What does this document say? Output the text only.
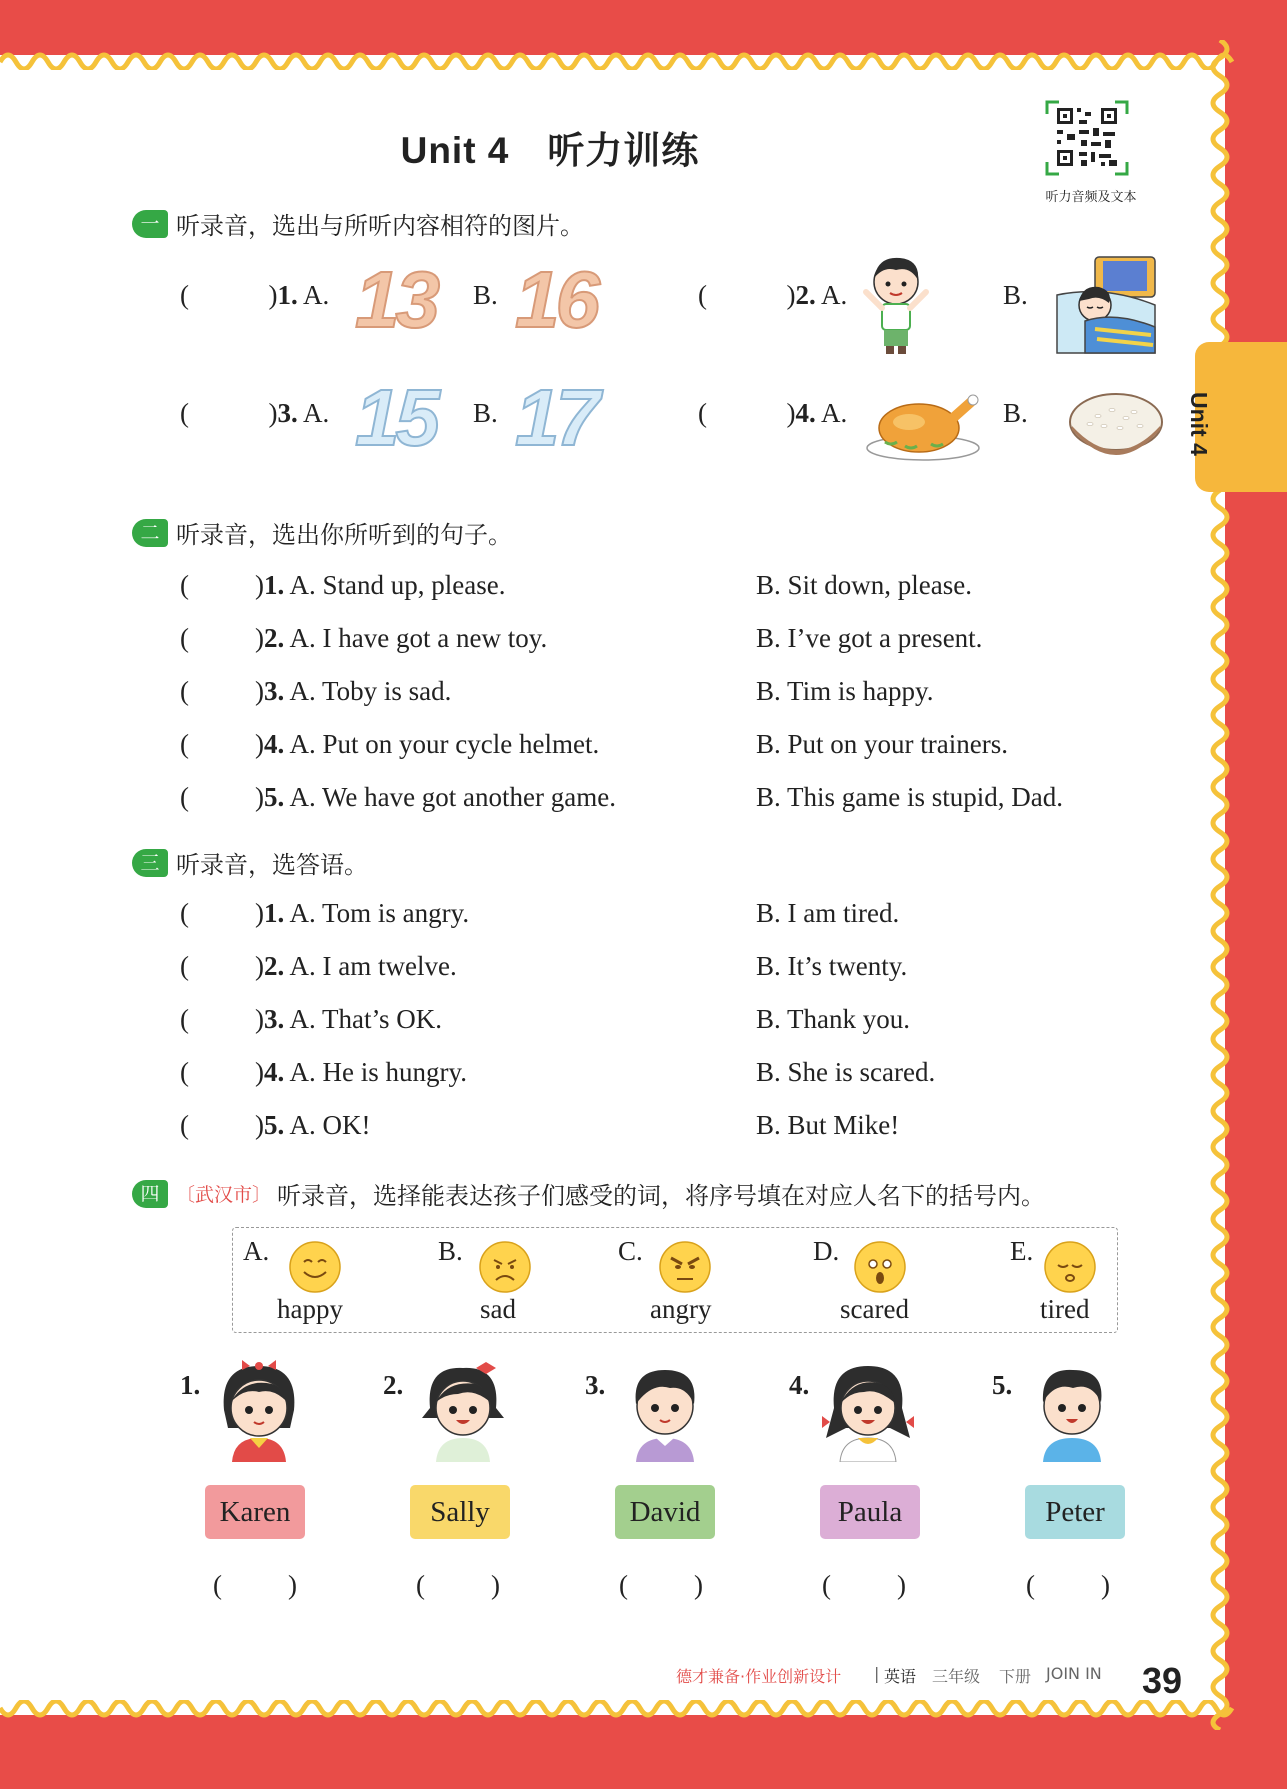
Unit 4　听力训练
听力音频及文本
Unit 4
一 听录音，选出与所听内容相符的图片。
(	)1. A. 13 B. 16	(	)2. A.	B.
(	)3. A. 15 B. 17	(	)4. A.	B.
二 听录音，选出你所听到的句子。
( )1. A. Stand up, please.	B. Sit down, please.
( )2. A. I have got a new toy.	B. I’ve got a present.
( )3. A. Toby is sad.	B. Tim is happy.
( )4. A. Put on your cycle helmet.	B. Put on your trainers.
( )5. A. We have got another game.	B. This game is stupid, Dad.
三 听录音，选答语。
( )1. A. Tom is angry.	B. I am tired.
( )2. A. I am twelve.	B. It’s twenty.
( )3. A. That’s OK.	B. Thank you.
( )4. A. He is hungry.	B. She is scared.
( )5. A. OK!	B. But Mike!
四 〔武汉市〕 听录音，选择能表达孩子们感受的词，将序号填在对应人名下的括号内。
A.
happy
B.
sad
C.
angry
D.
scared
E.
tired
1.
Karen
( )
2.
Sally
( )
3.
David
( )
4.
Paula
( )
5.
Peter
( )
德才兼备·作业创新设计 | 英语 三年级 下册 JOIN IN 39
